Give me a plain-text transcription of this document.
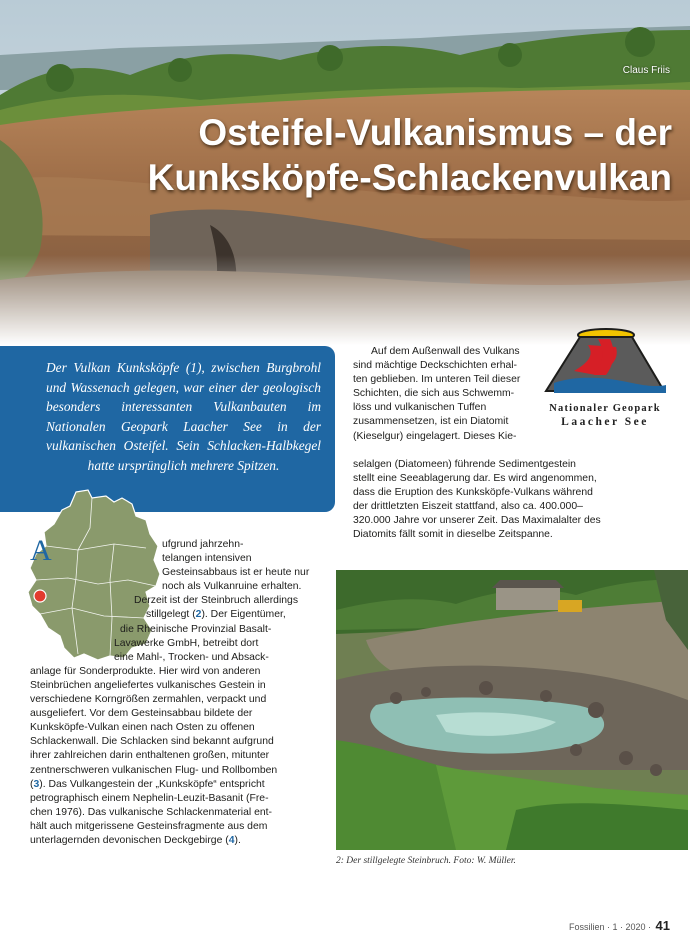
Claus Friis
Osteifel-Vulkanismus – der
Kunksköpfe-Schlackenvulkan

Der Vulkan Kunksköpfe (1), zwischen Burgbrohl und Wassenach gelegen, war einer der geologisch besonders interessanten Vulkanbauten im Nationalen Geopark Laacher See in der vulkanischen Osteifel. Sein Schlacken-Halbkegel hatte ursprünglich mehrere Spitzen.

A	ufgrund jahrzehn-
telangen intensiven
Gesteinsabbaus ist er heute nur
noch als Vulkanruine erhalten.
Derzeit ist der Steinbruch allerdings
stillgelegt (2). Der Eigentümer,
die Rheinische Provinzial Basalt-
Lavawerke GmbH, betreibt dort
eine Mahl-, Trocken- und Absack-
anlage für Sonderprodukte. Hier wird von anderen
Steinbrüchen angeliefertes vulkanisches Gestein in
verschiedene Korngrößen zermahlen, verpackt und
ausgeliefert. Vor dem Gesteinsabbau bildete der
Kunksköpfe-Vulkan einen nach Osten zu offenen
Schlackenwall. Die Schlacken sind bekannt aufgrund
ihrer zahlreichen darin enthaltenen großen, mitunter
zentnerschweren vulkanischen Flug- und Rollbomben
(3). Das Vulkangestein der „Kunksköpfe“ entspricht
petrographisch einem Nephelin-Leuzit-Basanit (Fre-
chen 1976). Das vulkanische Schlackenmaterial ent-
hält auch mitgerissene Gesteinsfragmente aus dem
unterlagernden devonischen Deckgebirge (4).
Auf dem Außenwall des Vulkans
sind mächtige Deckschichten erhal-
ten geblieben. Im unteren Teil dieser
Schichten, die sich aus Schwemm-
löss und vulkanischen Tuffen
zusammensetzen, ist ein Diatomit
(Kieselgur) eingelagert. Dieses Kie-
selalgen (Diatomeen) führende Sedimentgestein
stellt eine Seeablagerung dar. Es wird angenommen,
dass die Eruption des Kunksköpfe-Vulkans während
der drittletzten Eiszeit stattfand, also ca. 400.000–
320.000 Jahre vor unserer Zeit. Das Maximalalter des
Diatomits fällt somit in dieselbe Zeitspanne.
Nationaler Geopark
Laacher See
2: Der stillgelegte Steinbruch. Foto: W. Müller.
Fossilien · 1 · 2020 · 41
